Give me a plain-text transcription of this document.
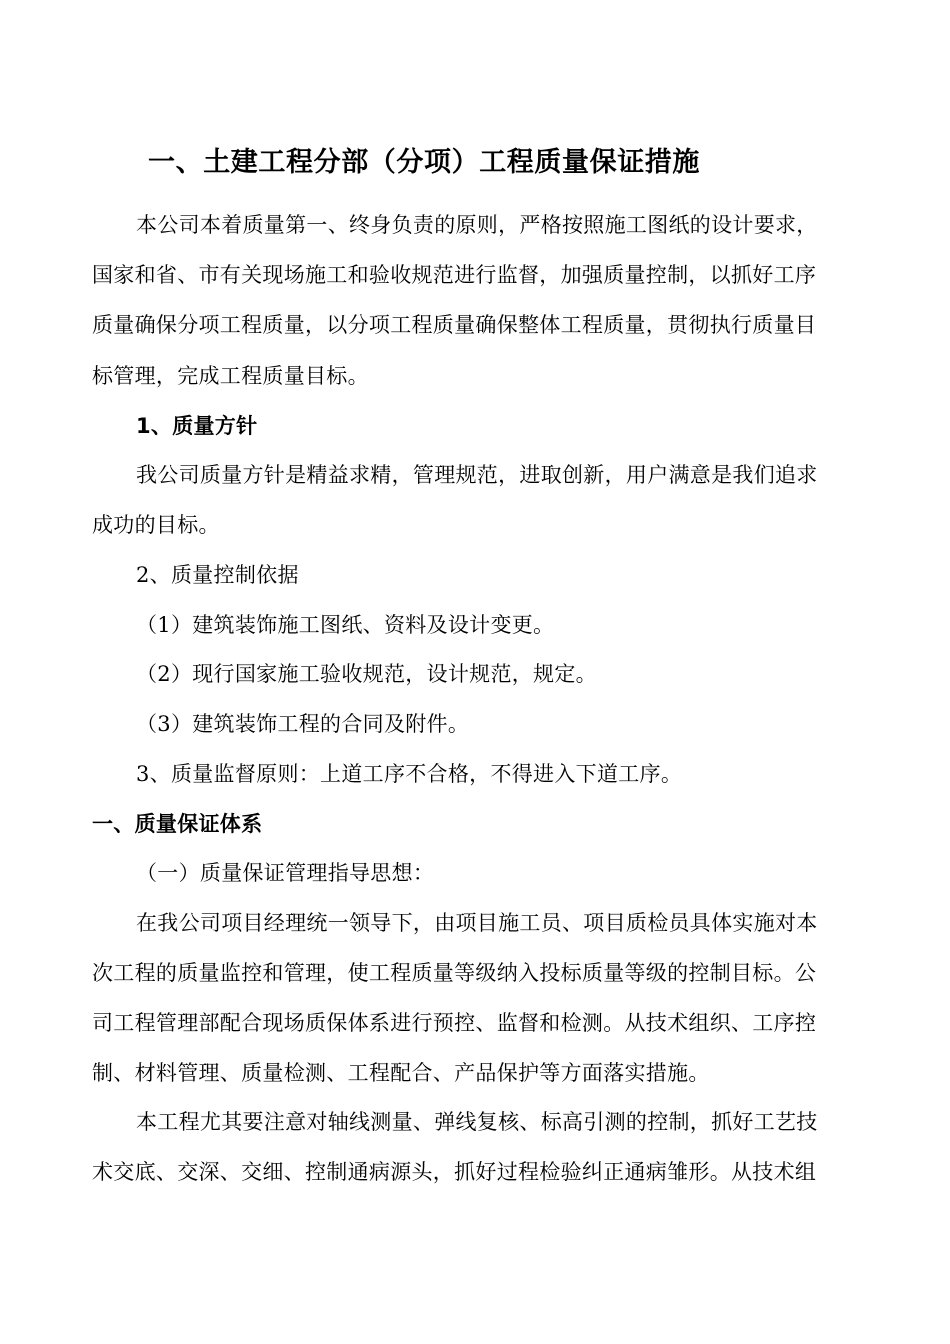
一、土建工程分部（分项）工程质量保证措施
本公司本着质量第一、终身负责的原则，严格按照施工图纸的设计要求，
国家和省、市有关现场施工和验收规范进行监督，加强质量控制，以抓好工序
质量确保分项工程质量，以分项工程质量确保整体工程质量，贯彻执行质量目
标管理，完成工程质量目标。
1、质量方针
我公司质量方针是精益求精，管理规范，进取创新，用户满意是我们追求
成功的目标。
2、质量控制依据
（1）建筑装饰施工图纸、资料及设计变更。
（2）现行国家施工验收规范，设计规范，规定。
（3）建筑装饰工程的合同及附件。
3、质量监督原则：上道工序不合格，不得进入下道工序。
一、质量保证体系
（一）质量保证管理指导思想：
在我公司项目经理统一领导下，由项目施工员、项目质检员具体实施对本
次工程的质量监控和管理，使工程质量等级纳入投标质量等级的控制目标。公
司工程管理部配合现场质保体系进行预控、监督和检测。从技术组织、工序控
制、材料管理、质量检测、工程配合、产品保护等方面落实措施。
本工程尤其要注意对轴线测量、弹线复核、标高引测的控制，抓好工艺技
术交底、交深、交细、控制通病源头，抓好过程检验纠正通病雏形。从技术组
